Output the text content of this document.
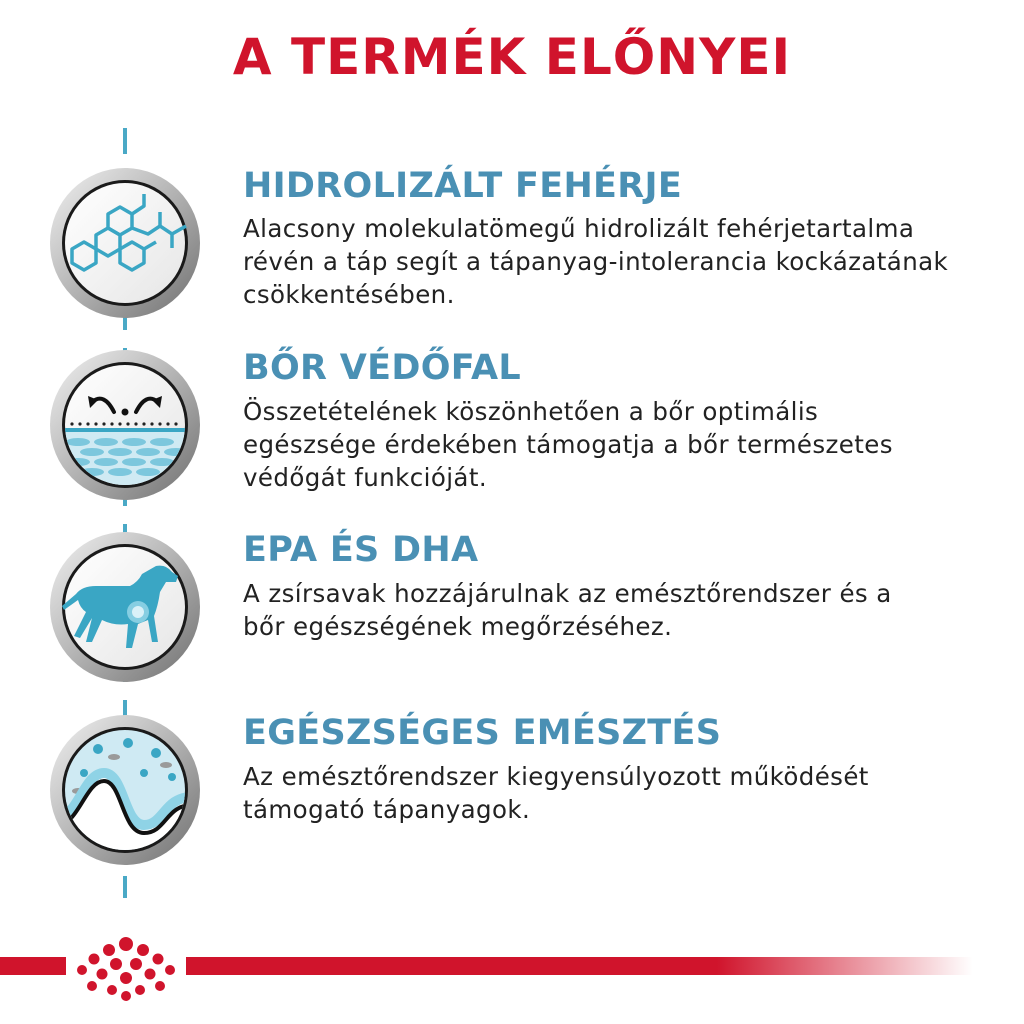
A TERMÉK ELŐNYEI
HIDROLIZÁLT FEHÉRJE
Alacsony molekulatömegű hidrolizált fehérjetartalma
révén a táp segít a tápanyag-intolerancia kockázatának
csökkentésében.
BŐR VÉDŐFAL
Összetételének köszönhetően a bőr optimális
egészsége érdekében támogatja a bőr természetes
védőgát funkcióját.
EPA ÉS DHA
A zsírsavak hozzájárulnak az emésztőrendszer és a
bőr egészségének megőrzéséhez.
EGÉSZSÉGES EMÉSZTÉS
Az emésztőrendszer kiegyensúlyozott működését
támogató tápanyagok.
